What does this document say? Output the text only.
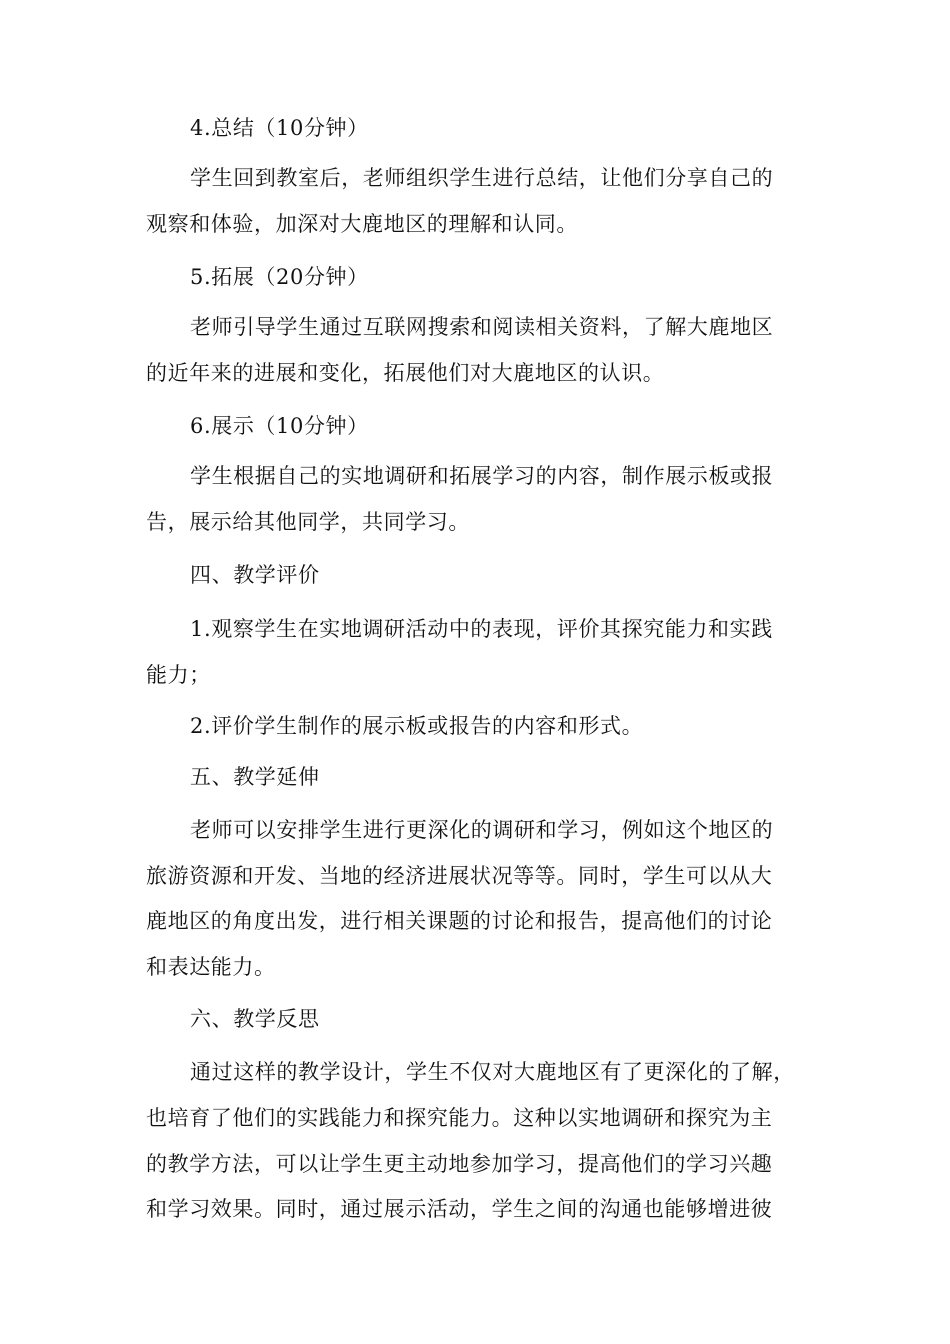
4.总结（10分钟）
学生回到教室后，老师组织学生进行总结，让他们分享自己的
观察和体验，加深对大鹿地区的理解和认同。
5.拓展（20分钟）
老师引导学生通过互联网搜索和阅读相关资料，了解大鹿地区
的近年来的进展和变化，拓展他们对大鹿地区的认识。
6.展示（10分钟）
学生根据自己的实地调研和拓展学习的内容，制作展示板或报
告，展示给其他同学，共同学习。
四、教学评价
1.观察学生在实地调研活动中的表现，评价其探究能力和实践
能力；
2.评价学生制作的展示板或报告的内容和形式。
五、教学延伸
老师可以安排学生进行更深化的调研和学习，例如这个地区的
旅游资源和开发、当地的经济进展状况等等。同时，学生可以从大
鹿地区的角度出发，进行相关课题的讨论和报告，提高他们的讨论
和表达能力。
六、教学反思
通过这样的教学设计，学生不仅对大鹿地区有了更深化的了解，
也培育了他们的实践能力和探究能力。这种以实地调研和探究为主
的教学方法，可以让学生更主动地参加学习，提高他们的学习兴趣
和学习效果。同时，通过展示活动，学生之间的沟通也能够增进彼
